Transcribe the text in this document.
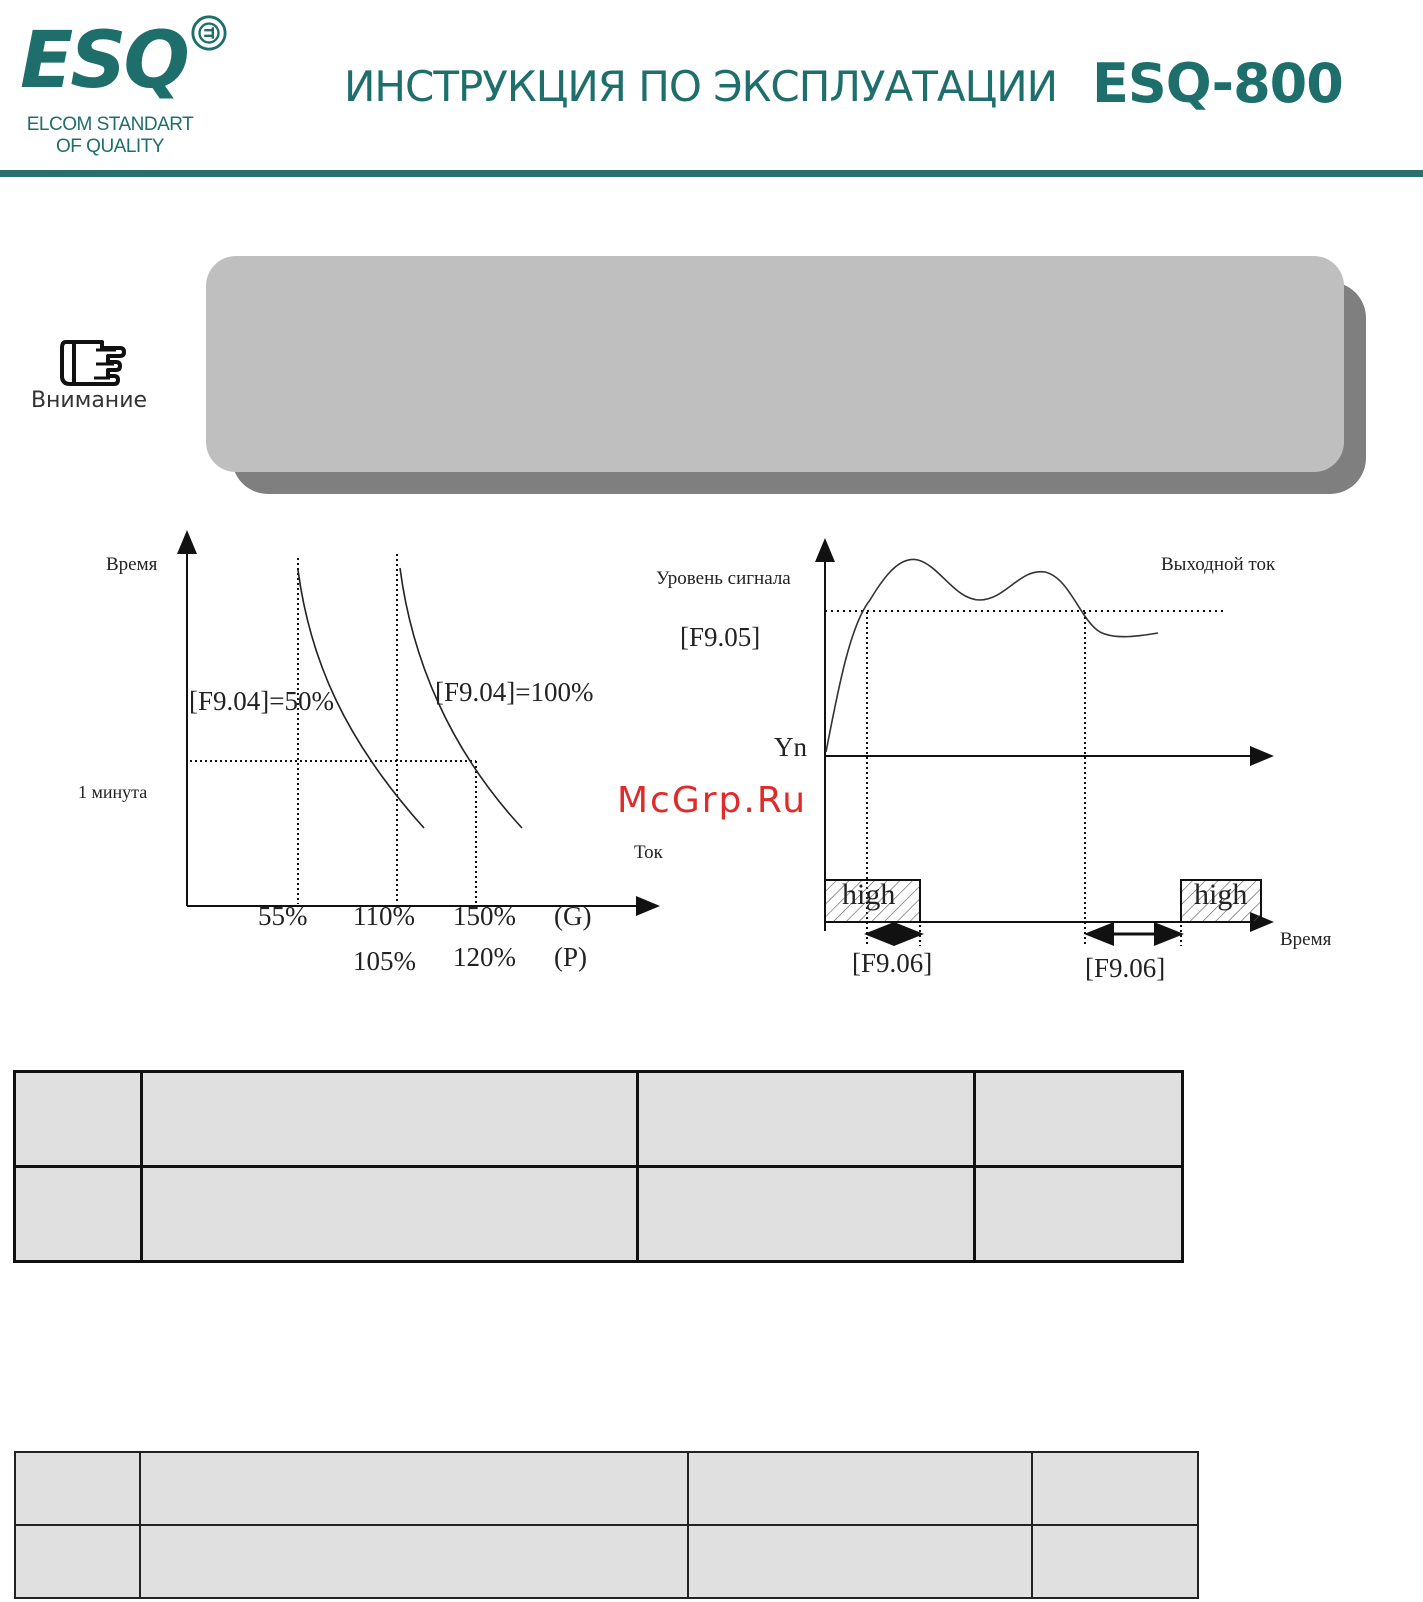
ESQ
ELCOM STANDART
OF QUALITY
ИНСТРУКЦИЯ ПО ЭКСПЛУАТАЦИИ ESQ-800
Внимание
Время
Ток
1 минута
[F9.04]=50%	[F9.04]=100%
55% 110% 150% (G)
105% 120% (P)
Уровень сигнала
Выходной ток
[F9.05]
Yn
Время
high	high
[F9.06]	[F9.06]
McGrp.Ru
